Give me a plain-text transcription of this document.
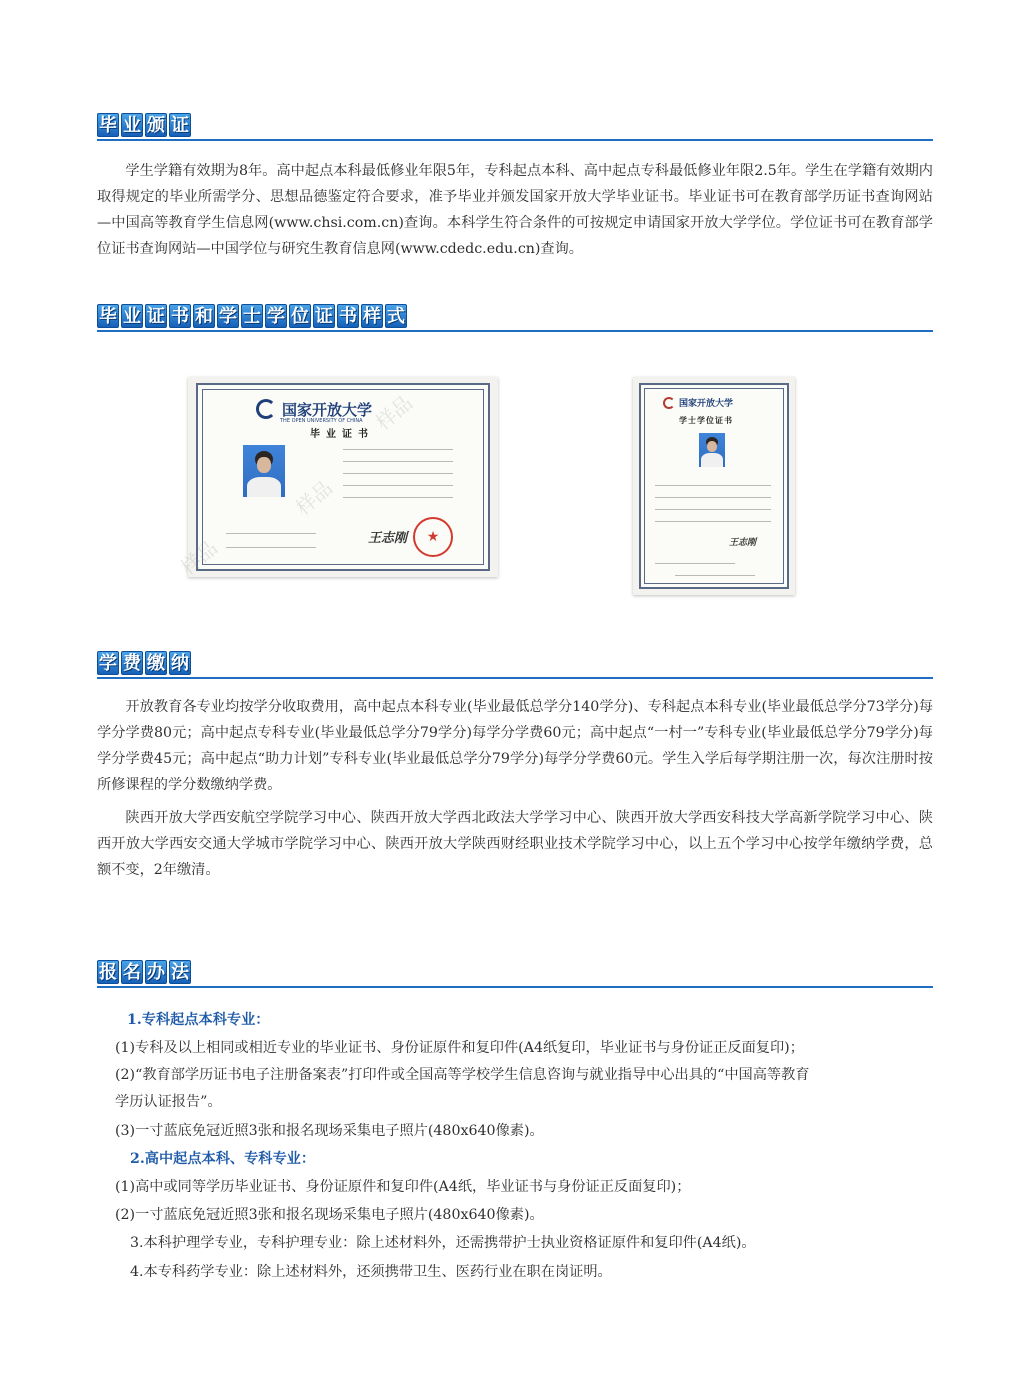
毕 业 颁 证

学生学籍有效期为8年。高中起点本科最低修业年限5年，专科起点本科、高中起点专科最低修业年限2.5年。学生在学籍有效期内取得规定的毕业所需学分、思想品德鉴定符合要求，准予毕业并颁发国家开放大学毕业证书。毕业证书可在教育部学历证书查询网站—中国高等教育学生信息网(www.chsi.com.cn)查询。本科学生符合条件的可按规定申请国家开放大学学位。学位证书可在教育部学位证书查询网站—中国学位与研究生教育信息网(www.cdedc.edu.cn)查询。

毕 业 证 书 和 学 士 学 位 证 书 样 式
国家开放大学
THE OPEN UNIVERSITY OF CHINA
毕业证书
王志刚	★
样品
样品
样品	国家开放大学
学士学位证书
王志刚
学 费 缴 纳

开放教育各专业均按学分收取费用，高中起点本科专业(毕业最低总学分140学分)、专科起点本科专业(毕业最低总学分73学分)每学分学费80元；高中起点专科专业(毕业最低总学分79学分)每学分学费60元；高中起点“一村一”专科专业(毕业最低总学分79学分)每学分学费45元；高中起点“助力计划”专科专业(毕业最低总学分79学分)每学分学费60元。学生入学后每学期注册一次，每次注册时按所修课程的学分数缴纳学费。

陕西开放大学西安航空学院学习中心、陕西开放大学西北政法大学学习中心、陕西开放大学西安科技大学高新学院学习中心、陕西开放大学西安交通大学城市学院学习中心、陕西开放大学陕西财经职业技术学院学习中心，以上五个学习中心按学年缴纳学费，总额不变，2年缴清。

报 名 办 法
1.专科起点本科专业：
(1)专科及以上相同或相近专业的毕业证书、身份证原件和复印件(A4纸复印，毕业证书与身份证正反面复印)；
(2)“教育部学历证书电子注册备案表”打印件或全国高等学校学生信息咨询与就业指导中心出具的“中国高等教育
学历认证报告”。
(3)一寸蓝底免冠近照3张和报名现场采集电子照片(480x640像素)。
2.高中起点本科、专科专业：
(1)高中或同等学历毕业证书、身份证原件和复印件(A4纸，毕业证书与身份证正反面复印)；
(2)一寸蓝底免冠近照3张和报名现场采集电子照片(480x640像素)。
3.本科护理学专业，专科护理专业：除上述材料外，还需携带护士执业资格证原件和复印件(A4纸)。
4.本专科药学专业：除上述材料外，还须携带卫生、医药行业在职在岗证明。
